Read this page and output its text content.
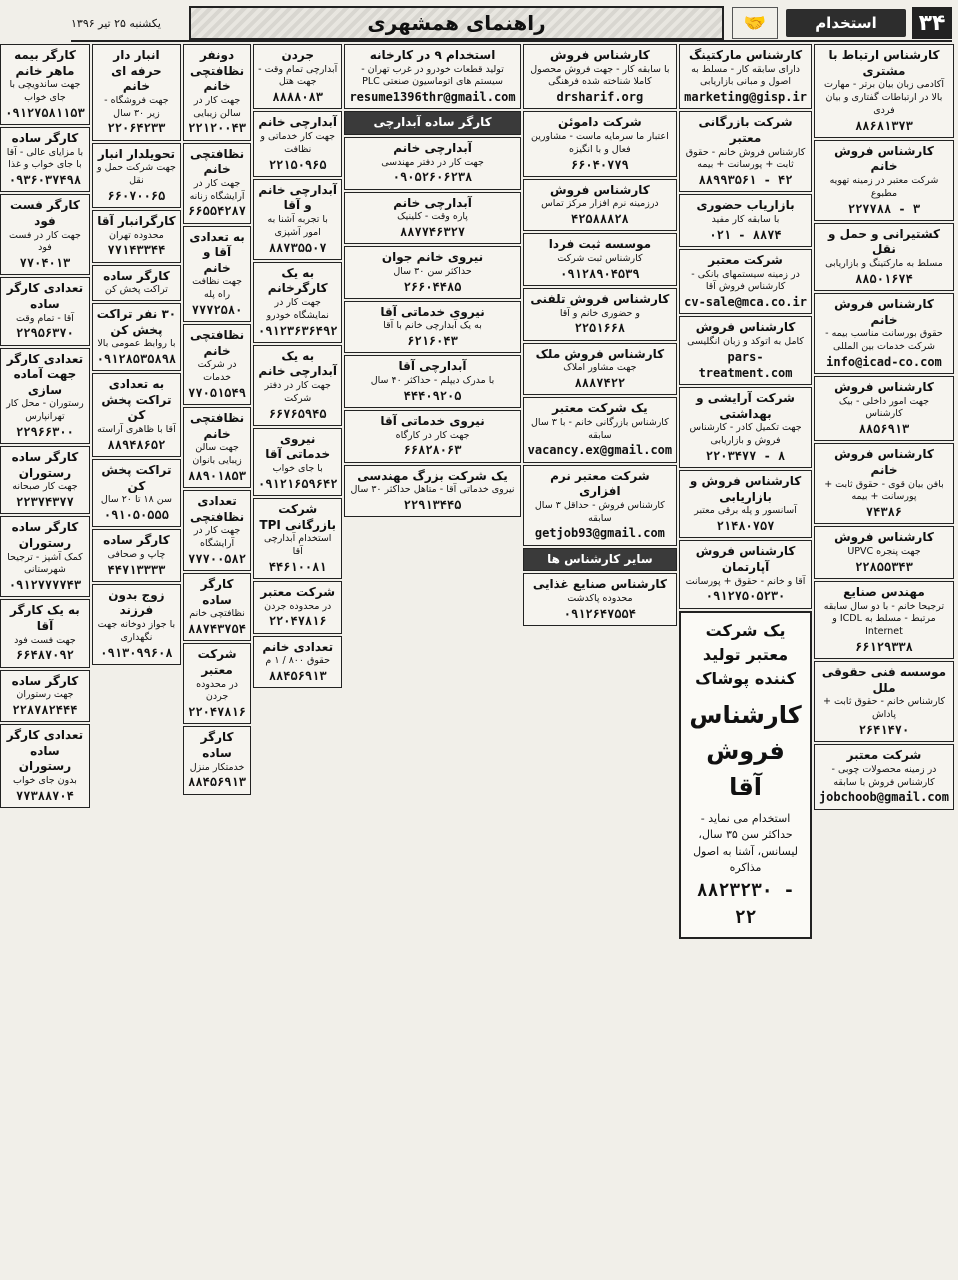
۳۴
استخدام
🤝
راهنمای همشهری
یکشنبه ۲۵ تیر ۱۳۹۶
کارشناس ارتباط با مشتری
آکادمی زبان بیان برتر - مهارت بالا در ارتباطات گفتاری و بیان فردی
۸۸۶۸۱۳۷۳
کارشناس فروش خانم
شرکت معتبر در زمینه تهویه مطبوع
۲۲۷۷۸۸ - ۳
کشتیرانی و حمل و نقل
مسلط به مارکتینگ و بازاریابی
۸۸۵۰۱۶۷۴
کارشناس فروش خانم
حقوق بورسانت مناسب بیمه - شرکت خدمات بین المللی
info@icad-co.com
کارشناس فروش
جهت امور داخلی - بیک کارشناس
۸۸۵۶۹۱۳
کارشناس فروش خانم
بافن بیان قوی - حقوق ثابت + پورسانت + بیمه
۷۴۳۸۶
کارشناس فروش
جهت پنجره UPVC
۲۲۸۵۵۳۴۳
مهندس صنایع
ترجیحا خانم - با دو سال سابقه مرتبط - مسلط به ICDL و Internet
۶۶۱۲۹۳۳۸
موسسه فنی حقوقی ملل
کارشناس خانم - حقوق ثابت + پاداش
۲۶۴۱۴۷۰
شرکت معتبر
در زمینه محصولات چوبی - کارشناس فروش با سابقه
jobchoob@gmail.com
کارشناس مارکتینگ
دارای سابقه کار - مسلط به اصول و مبانی بازاریابی
marketing@gisp.ir
شرکت بازرگانی معتبر
کارشناس فروش خانم - حقوق ثابت + پورسانت + بیمه
۸۸۹۹۳۵۶۱ - ۴۲
بازاریاب حضوری
با سابقه کار مفید
۰۲۱ - ۸۸۷۴
شرکت معتبر
در زمینه سیستمهای بانکی - کارشناس فروش آقا
cv-sale@mca.co.ir
کارشناس فروش
کامل به اتوکد و زبان انگلیسی
pars-treatment.com
شرکت آرایشی و بهداشتی
جهت تکمیل کادر - کارشناس فروش و بازاریابی
۲۲۰۳۴۷۷ - ۸
کارشناس فروش و بازاریابی
آسانسور و پله برقی معتبر
۲۱۴۸۰۷۵۷
کارشناس فروش آپارتمان
آقا و خانم - حقوق + پورسانت
۰۹۱۲۷۵۰۵۲۳۰
یک شرکت معتبر تولید کننده پوشاک
کارشناس فروش آقا
استخدام می نماید - حداکثر سن ۳۵ سال، لیسانس، آشنا به اصول مذاکره
۸۸۲۳۲۳۰ - ۲۲
کارشناس فروش
با سابقه کار - جهت فروش محصول کاملا شناخته شده فرهنگی
drsharif.org
شرکت داموئن
اعتبار ما سرمایه ماست - مشاورین فعال و با انگیزه
۶۶۰۴۰۷۷۹
کارشناس فروش
درزمینه نرم افزار مرکز تماس
۴۲۵۸۸۸۲۸
موسسه ثبت فردا
کارشناس ثبت شرکت
۰۹۱۲۸۹۰۴۵۳۹
کارشناس فروش تلفنی
و حضوری خانم و آقا
۲۲۵۱۶۶۸
کارشناس فروش ملک
جهت مشاور املاک
۸۸۸۷۴۲۲
یک شرکت معتبر
کارشناس بازرگانی خانم - با ۳ سال سابقه
vacancy.ex@gmail.com
شرکت معتبر نرم افزاری
کارشناس فروش - حداقل ۳ سال سابقه
getjob93@gmail.com
سایر کارشناس ها
کارشناس صنایع غذایی
محدوده پاکدشت
۰۹۱۲۶۴۷۵۵۴
استخدام ۹ در کارخانه
تولید قطعات خودرو در غرب تهران - سیستم های اتوماسیون صنعتی PLC
resume1396thr@gmail.com
کارگر ساده آبدارچی
آبدارچی خانم
جهت کار در دفتر مهندسی
۰۹۰۵۲۶۰۶۲۳۸
آبدارچی خانم
پاره وقت - کلینیک
۸۸۷۷۴۶۳۲۷
نیروی خانم جوان
حداکثر سن ۳۰ سال
۲۶۶۰۴۴۸۵
نیروی خدماتی آقا
به یک آبدارچی خانم با آقا
۶۲۱۶۰۴۳
آبدارچی آقا
با مدرک دیپلم - حداکثر ۴۰ سال
۴۴۴۰۹۲۰۵
نیروی خدماتی آقا
جهت کار در کارگاه
۶۶۸۲۸۰۶۳
یک شرکت بزرگ مهندسی
نیروی خدماتی آقا - متاهل حداکثر ۳۰ سال
۲۲۹۱۳۴۴۵
جردن
آبدارچی تمام وقت - جهت هتل
۸۸۸۸۰۸۳
آبدارچی خانم
جهت کار خدماتی و نظافت
۲۲۱۵۰۹۶۵
آبدارچی خانم و آقا
با تجربه آشنا به امور آشپزی
۸۸۷۳۵۵۰۷
به یک کارگرخانم
جهت کار در نمایشگاه خودرو
۰۹۱۲۳۶۳۶۴۹۲
به یک آبدارچی خانم
جهت کار در دفتر شرکت
۶۶۷۶۵۹۴۵
نیروی خدماتی آقا
با جای خواب
۰۹۱۲۱۶۵۹۶۴۲
شرکت بازرگانی TPI
استخدام آبدارچی آقا
۴۴۶۱۰۰۸۱
شرکت معتبر
در محدوده جردن
۲۲۰۴۷۸۱۶
تعدادی خانم
حقوق ۸۰۰ / ۱ م
۸۸۴۵۶۹۱۳
دونفر نظافتچی خانم
جهت کار در سالن زیبایی
۲۲۱۲۰۰۴۳
نظافتچی خانم
جهت کار در آرایشگاه زنانه
۶۶۵۵۴۲۸۷
به تعدادی آقا و خانم
جهت نظافت راه پله
۷۷۷۲۵۸۰
نظافتچی خانم
در شرکت خدمات
۷۷۰۵۱۵۴۹
نظافتچی خانم
جهت سالن زیبایی بانوان
۸۸۹۰۱۸۵۳
تعدادی نظافتچی
جهت کار در آرایشگاه
۷۷۷۰۰۵۸۲
کارگر ساده
نظافتچی خانم
۸۸۷۴۳۷۵۴
شرکت معتبر
در محدوده جردن
۲۲۰۴۷۸۱۶
کارگر ساده
خدمتکار منزل
۸۸۴۵۶۹۱۳
انبار دار حرفه ای خانم
جهت فروشگاه - زیر ۳۰ سال
۲۲۰۶۴۲۳۳
تحویلدار انبار
جهت شرکت حمل و نقل
۶۶۰۷۰۰۶۵
کارگرانبار آقا
محدوده تهران
۷۷۱۴۳۳۴۴
کارگر ساده
تراکت پخش کن
۳۰ نفر تراکت پخش کن
با روابط عمومی بالا
۰۹۱۲۸۵۳۵۸۹۸
به تعدادی تراکت پخش کن
آقا با ظاهری آراسته
۸۸۹۴۸۶۵۲
تراکت پخش کن
سن ۱۸ تا ۲۰ سال
۰۹۱۰۵۰۵۵۵
کارگر ساده
چاپ و صحافی
۴۴۷۱۳۳۳۳
زوج بدون فرزند
با جواز دوخانه جهت نگهداری
۰۹۱۳۰۹۹۶۰۸
کارگر بیمه ماهر خانم
جهت ساندویچی با جای خواب
۰۹۱۲۷۵۸۱۱۵۳
کارگر ساده
با مزایای عالی - آقا با جای خواب و غذا
۰۹۳۶۰۳۷۴۹۸
کارگر فست فود
جهت کار در فست فود
۷۷۰۴۰۱۳
تعدادی کارگر ساده
آقا - تمام وقت
۲۲۹۵۶۳۷۰
تعدادی کارگر جهت آماده سازی
رستوران - محل کار تهرانپارس
۲۲۹۶۶۳۰۰
کارگر ساده رستوران
جهت کار صبحانه
۲۲۳۷۴۳۷۷
کارگر ساده رستوران
کمک آشپز - ترجیحا شهرستانی
۰۹۱۲۷۷۷۷۴۳
به یک کارگر آقا
جهت فست فود
۶۶۴۸۷۰۹۲
کارگر ساده
جهت رستوران
۲۲۸۷۸۲۴۴۴
تعدادی کارگر ساده رستوران
بدون جای خواب
۷۷۳۸۸۷۰۴
